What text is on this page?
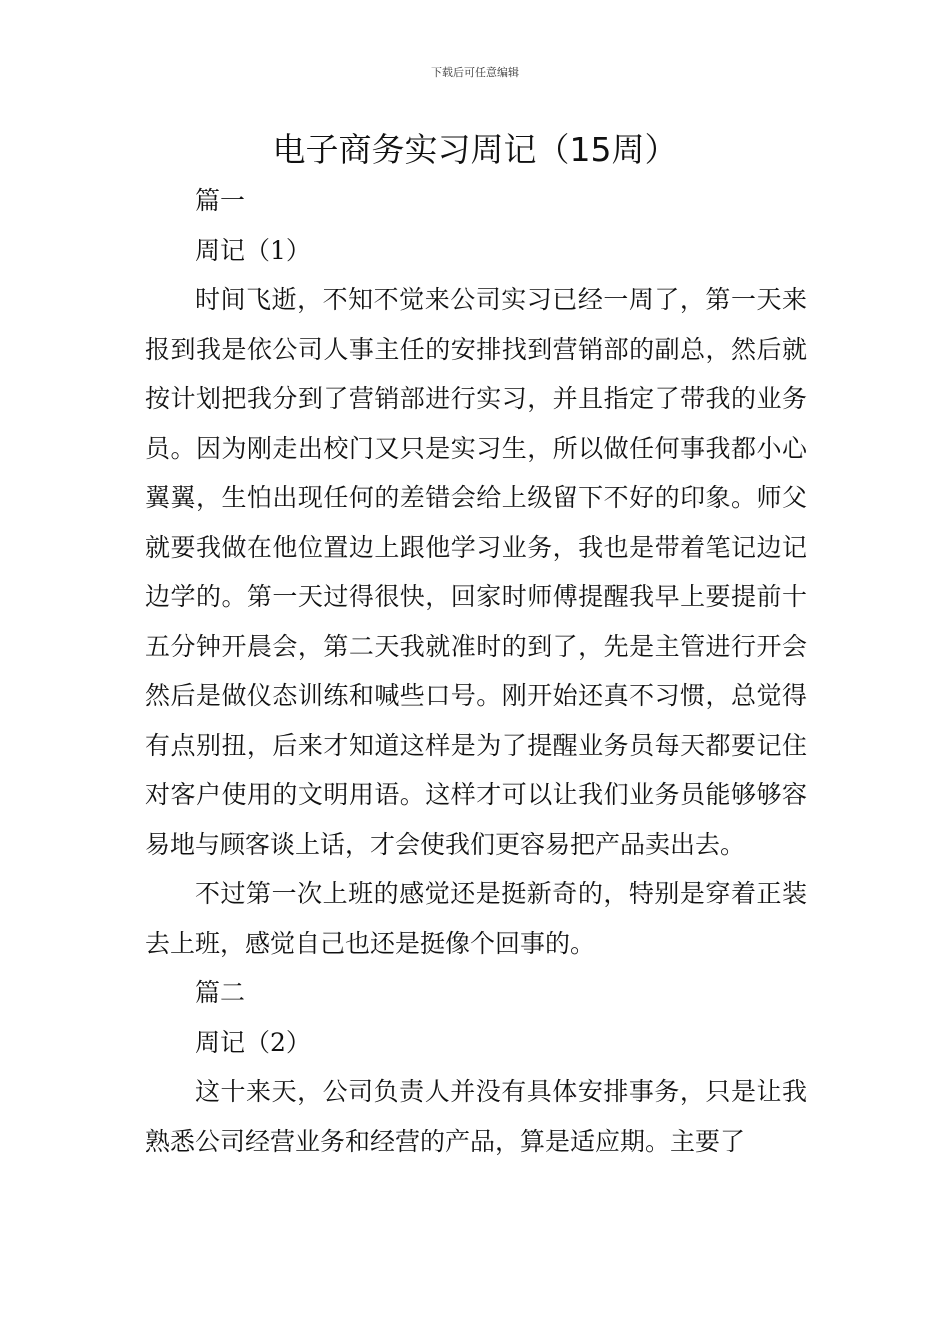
下载后可任意编辑
电子商务实习周记（15周）

篇一

周记（1）

时间飞逝，不知不觉来公司实习已经一周了，第一天来报到我是依公司人事主任的安排找到营销部的副总，然后就按计划把我分到了营销部进行实习，并且指定了带我的业务员。因为刚走出校门又只是实习生，所以做任何事我都小心翼翼，生怕出现任何的差错会给上级留下不好的印象。师父就要我做在他位置边上跟他学习业务，我也是带着笔记边记边学的。第一天过得很快，回家时师傅提醒我早上要提前十五分钟开晨会，第二天我就准时的到了，先是主管进行开会然后是做仪态训练和喊些口号。刚开始还真不习惯，总觉得有点别扭，后来才知道这样是为了提醒业务员每天都要记住对客户使用的文明用语。这样才可以让我们业务员能够够容易地与顾客谈上话，才会使我们更容易把产品卖出去。

不过第一次上班的感觉还是挺新奇的，特别是穿着正装去上班，感觉自己也还是挺像个回事的。

篇二

周记（2）

这十来天，公司负责人并没有具体安排事务，只是让我熟悉公司经营业务和经营的产品，算是适应期。主要了
